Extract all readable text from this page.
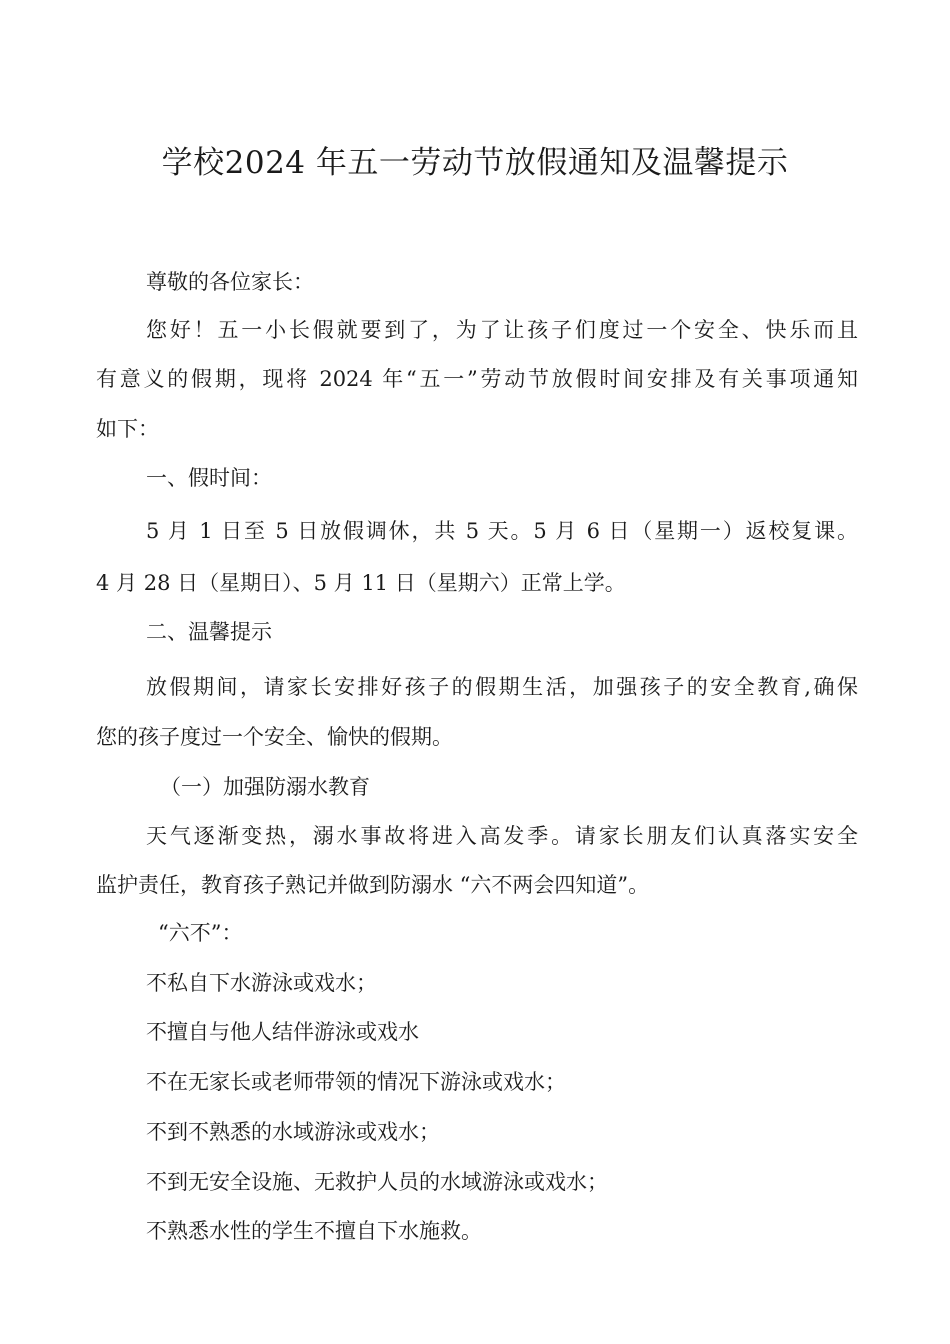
学校2024 年五一劳动节放假通知及温馨提示
尊敬的各位家长：
您好！五一小长假就要到了，为了让孩子们度过一个安全、快乐而且
有意义的假期，现将 2024 年“五一”劳动节放假时间安排及有关事项通知
如下：
一、假时间：
5 月 1 日至 5 日放假调休，共 5 天。5 月 6 日（星期一）返校复课。
4 月 28 日（星期日）、5 月 11 日（星期六）正常上学。
二、温馨提示
放假期间，请家长安排好孩子的假期生活，加强孩子的安全教育,确保
您的孩子度过一个安全、愉快的假期。
（一）加强防溺水教育
天气逐渐变热，溺水事故将进入高发季。请家长朋友们认真落实安全
监护责任，教育孩子熟记并做到防溺水 “六不两会四知道”。
“六不”：
不私自下水游泳或戏水；
不擅自与他人结伴游泳或戏水
不在无家长或老师带领的情况下游泳或戏水；
不到不熟悉的水域游泳或戏水；
不到无安全设施、无救护人员的水域游泳或戏水；
不熟悉水性的学生不擅自下水施救。
